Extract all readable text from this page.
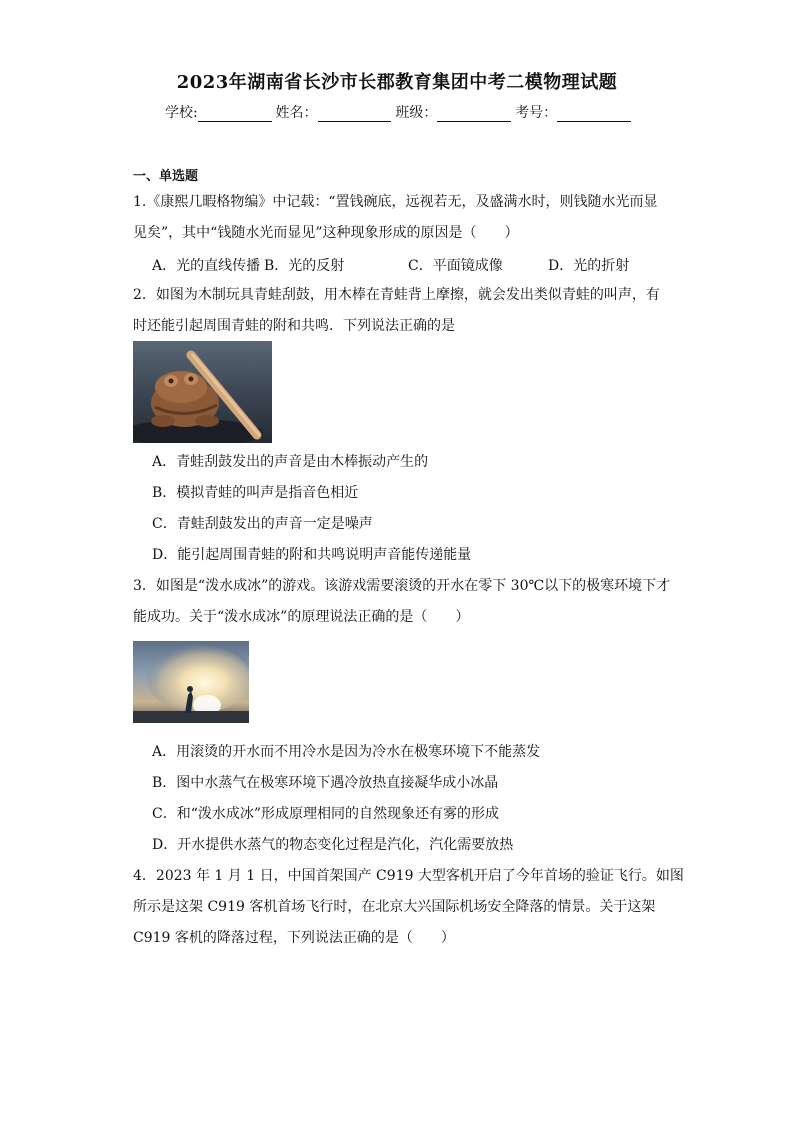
2023年湖南省长沙市长郡教育集团中考二模物理试题
学校:	姓名：	班级：	考号：
一、单选题
1.《康熙几暇格物编》中记载：“置钱碗底，远视若无，及盛满水时，则钱随水光而显
见矣”，其中“钱随水光而显见”这种现象形成的原因是（　　）
A．光的直线传播 B．光的反射	C．平面镜成像	D．光的折射
2．如图为木制玩具青蛙刮鼓，用木棒在青蛙背上摩擦，就会发出类似青蛙的叫声，有
时还能引起周围青蛙的附和共鸣．下列说法正确的是
A．青蛙刮鼓发出的声音是由木棒振动产生的
B．模拟青蛙的叫声是指音色相近
C．青蛙刮鼓发出的声音一定是噪声
D．能引起周围青蛙的附和共鸣说明声音能传递能量
3．如图是“泼水成冰”的游戏。该游戏需要滚烫的开水在零下 30℃以下的极寒环境下才
能成功。关于“泼水成冰”的原理说法正确的是（　　）
A．用滚烫的开水而不用冷水是因为冷水在极寒环境下不能蒸发
B．图中水蒸气在极寒环境下遇冷放热直接凝华成小冰晶
C．和“泼水成冰”形成原理相同的自然现象还有雾的形成
D．开水提供水蒸气的物态变化过程是汽化，汽化需要放热
4．2023 年 1 月 1 日，中国首架国产 C919 大型客机开启了今年首场的验证飞行。如图
所示是这架 C919 客机首场飞行时，在北京大兴国际机场安全降落的情景。关于这架
C919 客机的降落过程，下列说法正确的是（　　）
